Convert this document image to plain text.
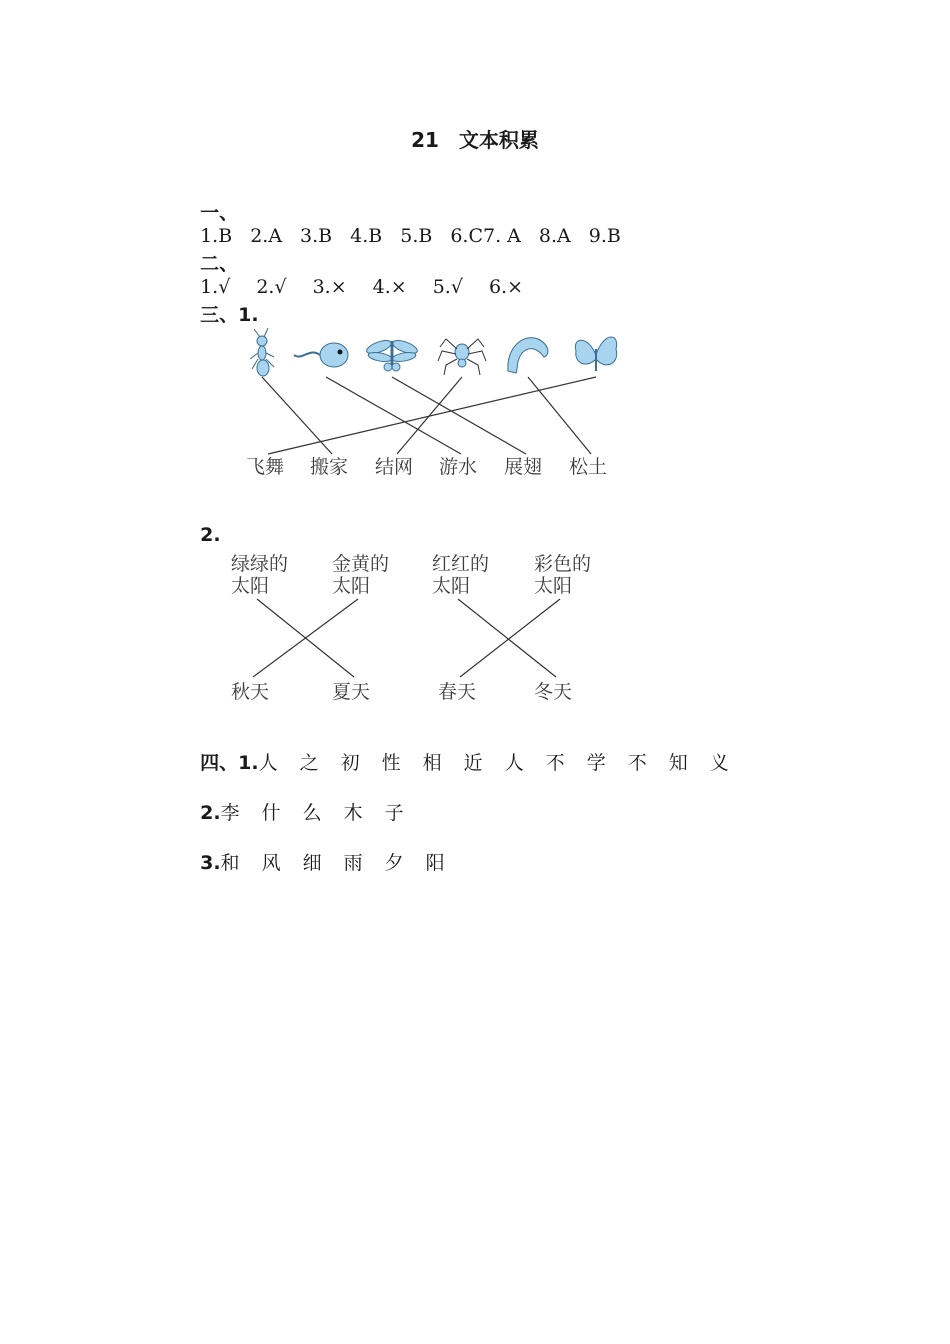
21　文本积累

一、
1.B 2.A 3.B 4.B 5.B 6.C7. A 8.A 9.B

二、
1.√ 2.√ 3.× 4.× 5.√ 6.×

三、1.

飞舞 搬家 结网 游水 展翅 松土

2.

绿绿的
太阳
金黄的
太阳
红红的
太阳
彩色的
太阳
秋天	夏天	春天	冬天

四、1.人 之 初 性 相 近 人 不 学 不 知 义

2.李 什 么 木 子

3.和 风 细 雨 夕 阳
